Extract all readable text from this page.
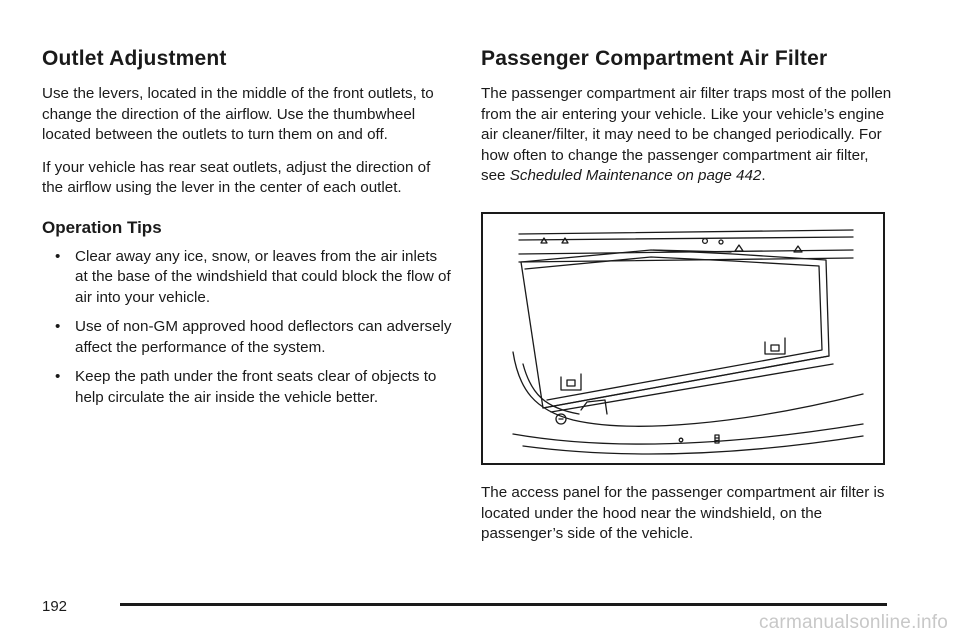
Outlet Adjustment

Use the levers, located in the middle of the front outlets, to change the direction of the airflow. Use the thumbwheel located between the outlets to turn them on and off.

If your vehicle has rear seat outlets, adjust the direction of the airflow using the lever in the center of each outlet.

Operation Tips
• Clear away any ice, snow, or leaves from the air inlets at the base of the windshield that could block the flow of air into your vehicle.
• Use of non-GM approved hood deflectors can adversely affect the performance of the system.
• Keep the path under the front seats clear of objects to help circulate the air inside the vehicle better.
Passenger Compartment Air Filter

The passenger compartment air filter traps most of the pollen from the air entering your vehicle. Like your vehicle’s engine air cleaner/filter, it may need to be changed periodically. For how often to change the passenger compartment air filter, see Scheduled Maintenance on page 442.

The access panel for the passenger compartment air filter is located under the hood near the windshield, on the passenger’s side of the vehicle.

192
carmanualsonline.info
